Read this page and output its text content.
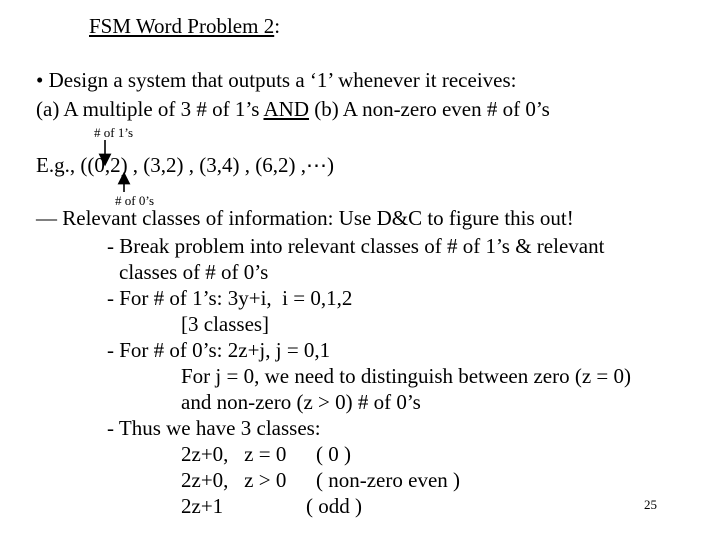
FSM Word Problem 2:
• Design a system that outputs a ‘1’ whenever it receives:
(a) A multiple of 3 # of 1’s AND (b) A non-zero even # of 0’s
# of 1’s
E.g., ((0,2) , (3,2) , (3,4) , (6,2) ,⋯)
# of 0’s
— Relevant classes of information: Use D&C to figure this out!
- Break problem into relevant classes of # of 1’s & relevant
classes of # of 0’s
- For # of 1’s: 3y+i,  i = 0,1,2
[3 classes]
- For # of 0’s: 2z+j, j = 0,1
For j = 0, we need to distinguish between zero (z = 0)
and non-zero (z > 0) # of 0’s
- Thus we have 3 classes:
2z+0,   z = 0 ( 0 )
2z+0,   z > 0 ( non-zero even )
2z+1	( odd )	25
